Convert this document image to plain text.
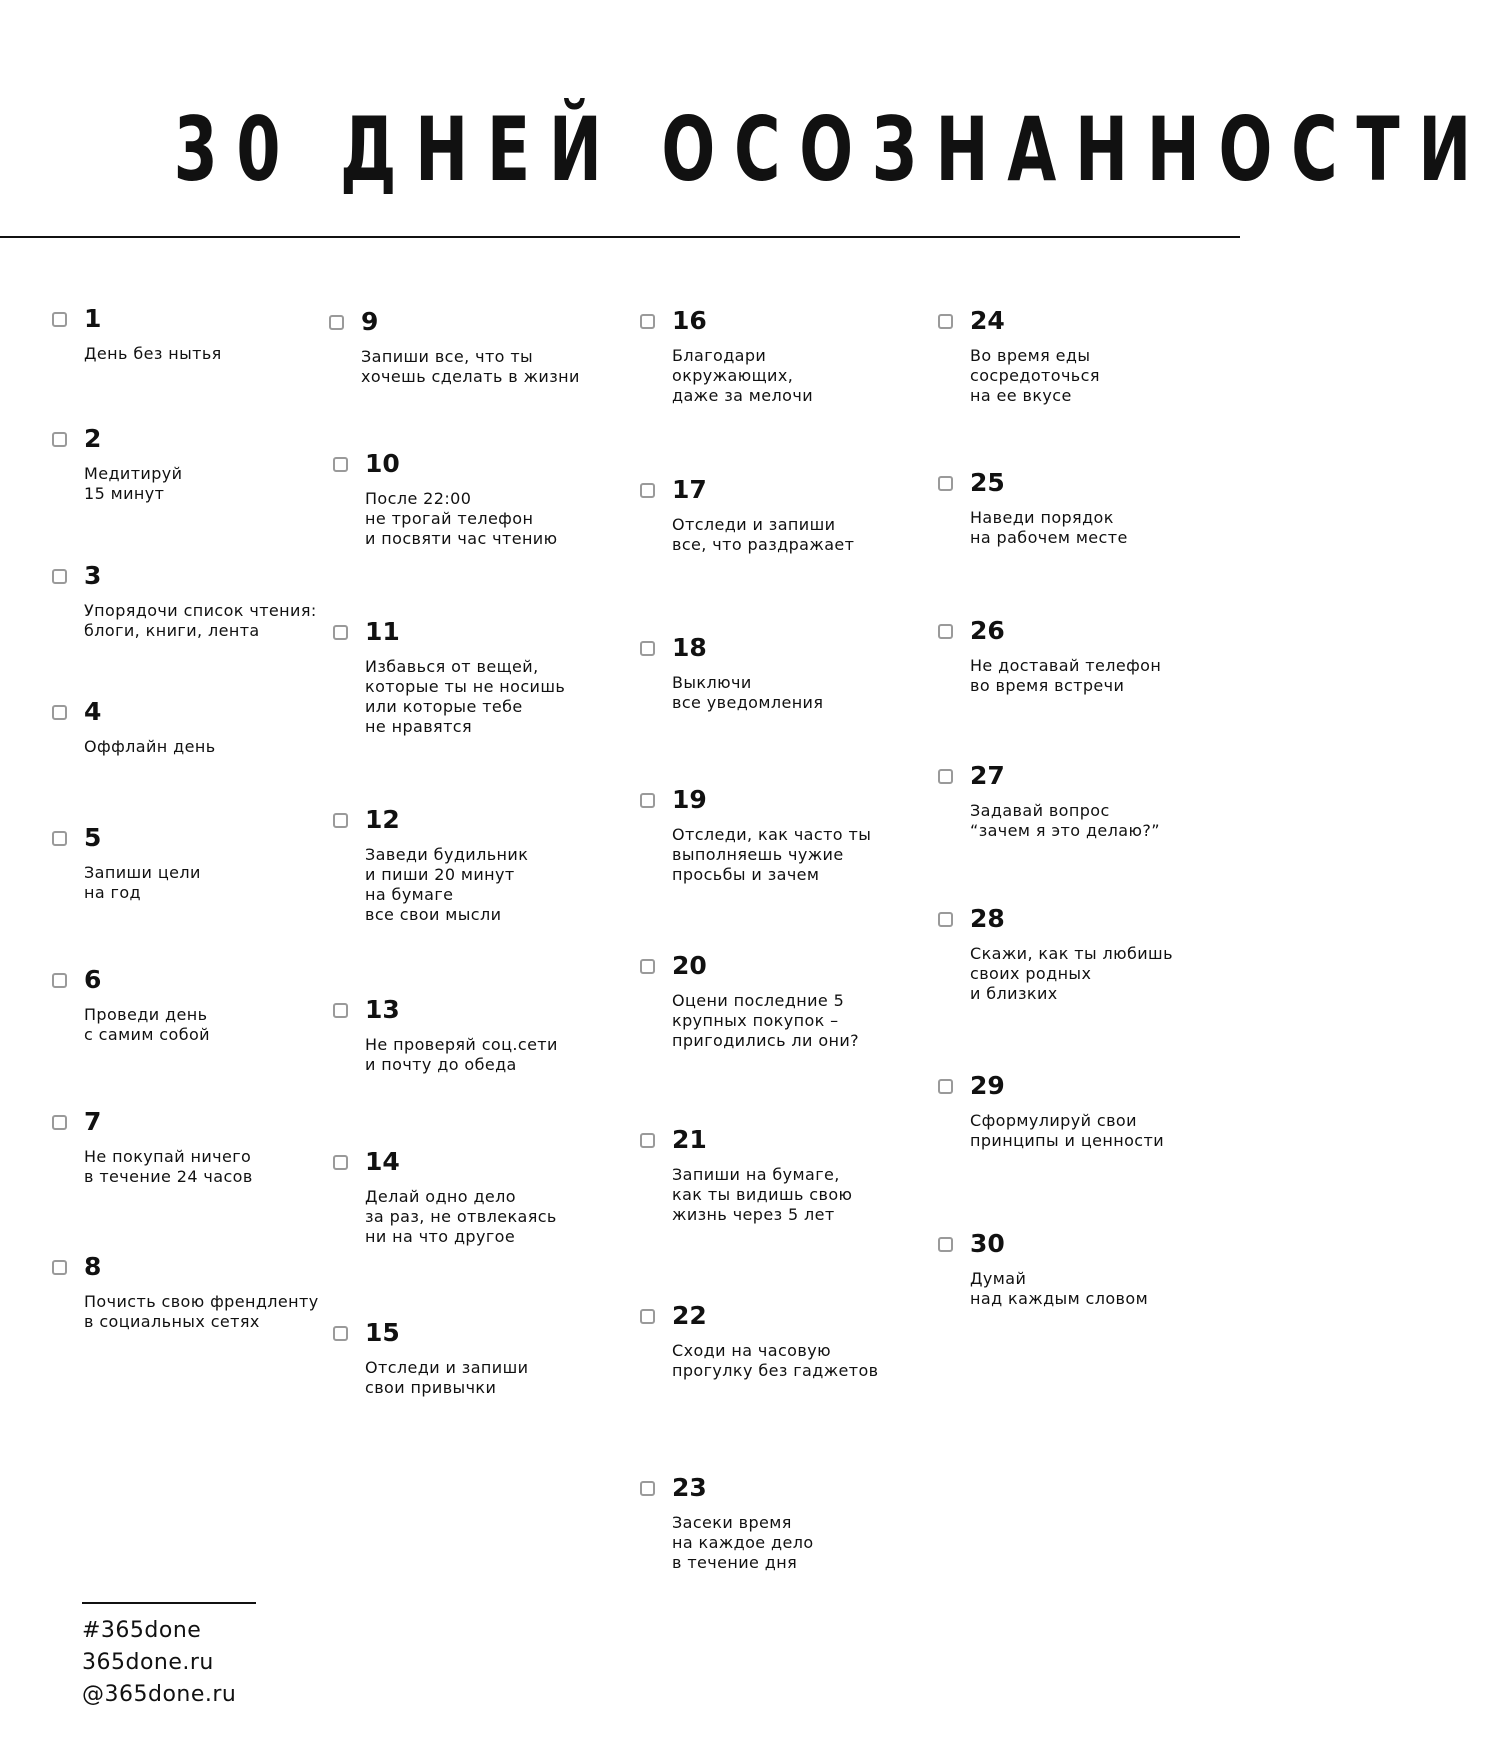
30 ДНЕЙ ОСОЗНАННОСТИ
1
День без нытья
2
Медитируй
15 минут
3
Упорядочи список чтения:
блоги, книги, лента
4
Оффлайн день
5
Запиши цели
на год
6
Проведи день
с самим собой
7
Не покупай ничего
в течение 24 часов
8
Почисть свою френдленту
в социальных сетях
9
Запиши все, что ты
хочешь сделать в жизни
10
После 22:00
не трогай телефон
и посвяти час чтению
11
Избавься от вещей,
которые ты не носишь
или которые тебе
не нравятся
12
Заведи будильник
и пиши 20 минут
на бумаге
все свои мысли
13
Не проверяй соц.сети
и почту до обеда
14
Делай одно дело
за раз, не отвлекаясь
ни на что другое
15
Отследи и запиши
свои привычки
16
Благодари
окружающих,
даже за мелочи
17
Отследи и запиши
все, что раздражает
18
Выключи
все уведомления
19
Отследи, как часто ты
выполняешь чужие
просьбы и зачем
20
Оцени последние 5
крупных покупок –
пригодились ли они?
21
Запиши на бумаге,
как ты видишь свою
жизнь через 5 лет
22
Сходи на часовую
прогулку без гаджетов
23
Засеки время
на каждое дело
в течение дня
24
Во время еды
сосредоточься
на ее вкусе
25
Наведи порядок
на рабочем месте
26
Не доставай телефон
во время встречи
27
Задавай вопрос
“зачем я это делаю?”
28
Скажи, как ты любишь
своих родных
и близких
29
Сформулируй свои
принципы и ценности
30
Думай
над каждым словом
#365done
365done.ru
@365done.ru
